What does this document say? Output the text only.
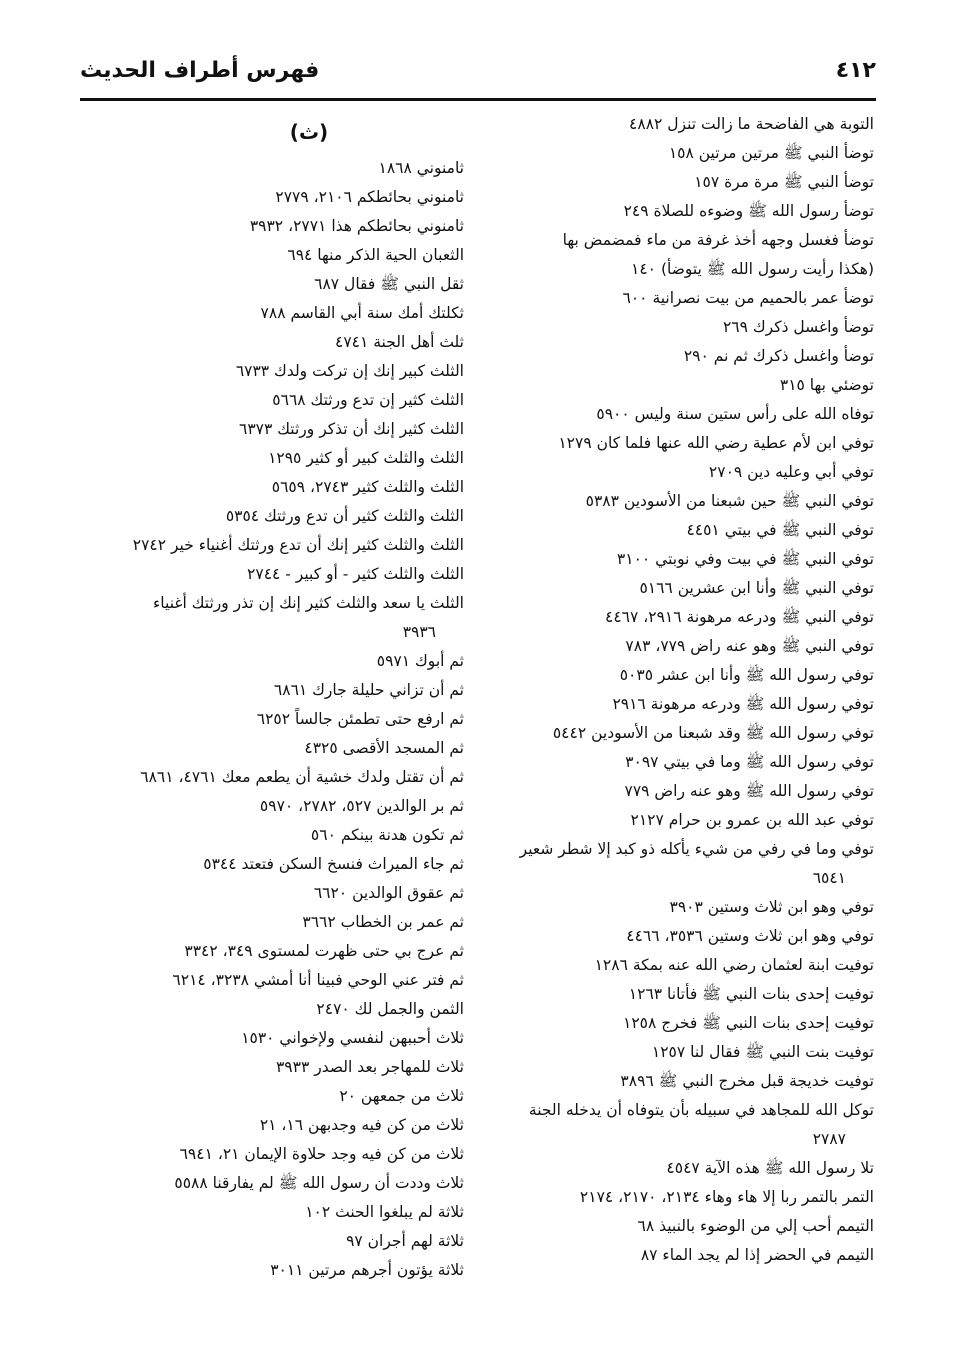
فهرس أطراف الحديث	٤١٢
التوبة هي الفاضحة ما زالت تنزل ٤٨٨٢
توضأ النبي ﷺ مرتين مرتين ١٥٨
توضأ النبي ﷺ مرة مرة ١٥٧
توضأ رسول الله ﷺ وضوءه للصلاة ٢٤٩
توضأ فغسل وجهه أخذ غرفة من ماء فمضمض بها
(هكذا رأيت رسول الله ﷺ يتوضأ) ١٤٠
توضأ عمر بالحميم من بيت نصرانية ٦٠٠
توضأ واغسل ذكرك ٢٦٩
توضأ واغسل ذكرك ثم نم ٢٩٠
توضئي بها ٣١٥
توفاه الله على رأس ستين سنة وليس ٥٩٠٠
توفي ابن لأم عطية رضي الله عنها فلما كان ١٢٧٩
توفي أبي وعليه دين ٢٧٠٩
توفي النبي ﷺ حين شبعنا من الأسودين ٥٣٨٣
توفي النبي ﷺ في بيتي ٤٤٥١
توفي النبي ﷺ في بيت وفي نوبتي ٣١٠٠
توفي النبي ﷺ وأنا ابن عشرين ٥١٦٦
توفي النبي ﷺ ودرعه مرهونة ٢٩١٦، ٤٤٦٧
توفي النبي ﷺ وهو عنه راض ٧٧٩، ٧٨٣
توفي رسول الله ﷺ وأنا ابن عشر ٥٠٣٥
توفي رسول الله ﷺ ودرعه مرهونة ٢٩١٦
توفي رسول الله ﷺ وقد شبعنا من الأسودين ٥٤٤٢
توفي رسول الله ﷺ وما في بيتي ٣٠٩٧
توفي رسول الله ﷺ وهو عنه راض ٧٧٩
توفي عبد الله بن عمرو بن حرام ٢١٢٧
توفي وما في رفي من شيء يأكله ذو كبد إلا شطر شعير
٦٥٤١
توفي وهو ابن ثلاث وستين ٣٩٠٣
توفي وهو ابن ثلاث وستين ٣٥٣٦، ٤٤٦٦
توفيت ابنة لعثمان رضي الله عنه بمكة ١٢٨٦
توفيت إحدى بنات النبي ﷺ فأتانا ١٢٦٣
توفيت إحدى بنات النبي ﷺ فخرج ١٢٥٨
توفيت بنت النبي ﷺ فقال لنا ١٢٥٧
توفيت خديجة قبل مخرج النبي ﷺ ٣٨٩٦
توكل الله للمجاهد في سبيله بأن يتوفاه أن يدخله الجنة
٢٧٨٧
تلا رسول الله ﷺ هذه الآية ٤٥٤٧
التمر بالتمر ربا إلا هاء وهاء ٢١٣٤، ٢١٧٠، ٢١٧٤
التيمم أحب إلي من الوضوء بالنبيذ ٦٨
التيمم في الحضر إذا لم يجد الماء ٨٧
(ث)
ثامنوني ١٨٦٨
ثامنوني بحائطكم ٢١٠٦، ٢٧٧٩
ثامنوني بحائطكم هذا ٢٧٧١، ٣٩٣٢
الثعبان الحية الذكر منها ٦٩٤
ثقل النبي ﷺ فقال ٦٨٧
ثكلتك أمك سنة أبي القاسم ٧٨٨
ثلث أهل الجنة ٤٧٤١
الثلث كبير إنك إن تركت ولدك ٦٧٣٣
الثلث كثير إن تدع ورثتك ٥٦٦٨
الثلث كثير إنك أن تذكر ورثتك ٦٣٧٣
الثلث والثلث كبير أو كثير ١٢٩٥
الثلث والثلث كثير ٢٧٤٣، ٥٦٥٩
الثلث والثلث كثير أن تدع ورثتك ٥٣٥٤
الثلث والثلث كثير إنك أن تدع ورثتك أغنياء خير ٢٧٤٢
الثلث والثلث كثير - أو كبير - ٢٧٤٤
الثلث يا سعد والثلث كثير إنك إن تذر ورثتك أغنياء
٣٩٣٦
ثم أبوك ٥٩٧١
ثم أن تزاني حليلة جارك ٦٨٦١
ثم ارفع حتى تطمئن جالساً ٦٢٥٢
ثم المسجد الأقصى ٤٣٢٥
ثم أن تقتل ولدك خشية أن يطعم معك ٤٧٦١، ٦٨٦١
ثم بر الوالدين ٥٢٧، ٢٧٨٢، ٥٩٧٠
ثم تكون هدنة بينكم ٥٦٠
ثم جاء الميراث فنسخ السكن فتعتد ٥٣٤٤
ثم عقوق الوالدين ٦٦٢٠
ثم عمر بن الخطاب ٣٦٦٢
ثم عرج بي حتى ظهرت لمستوى ٣٤٩، ٣٣٤٢
ثم فتر عني الوحي فبينا أنا أمشي ٣٢٣٨، ٦٢١٤
الثمن والجمل لك ٢٤٧٠
ثلاث أحببهن لنفسي ولإخواني ١٥٣٠
ثلاث للمهاجر بعد الصدر ٣٩٣٣
ثلاث من جمعهن ٢٠
ثلاث من كن فيه وجدبهن ١٦، ٢١
ثلاث من كن فيه وجد حلاوة الإيمان ٢١، ٦٩٤١
ثلاث وددت أن رسول الله ﷺ لم يفارقنا ٥٥٨٨
ثلاثة لم يبلغوا الحنث ١٠٢
ثلاثة لهم أجران ٩٧
ثلاثة يؤتون أجرهم مرتين ٣٠١١
